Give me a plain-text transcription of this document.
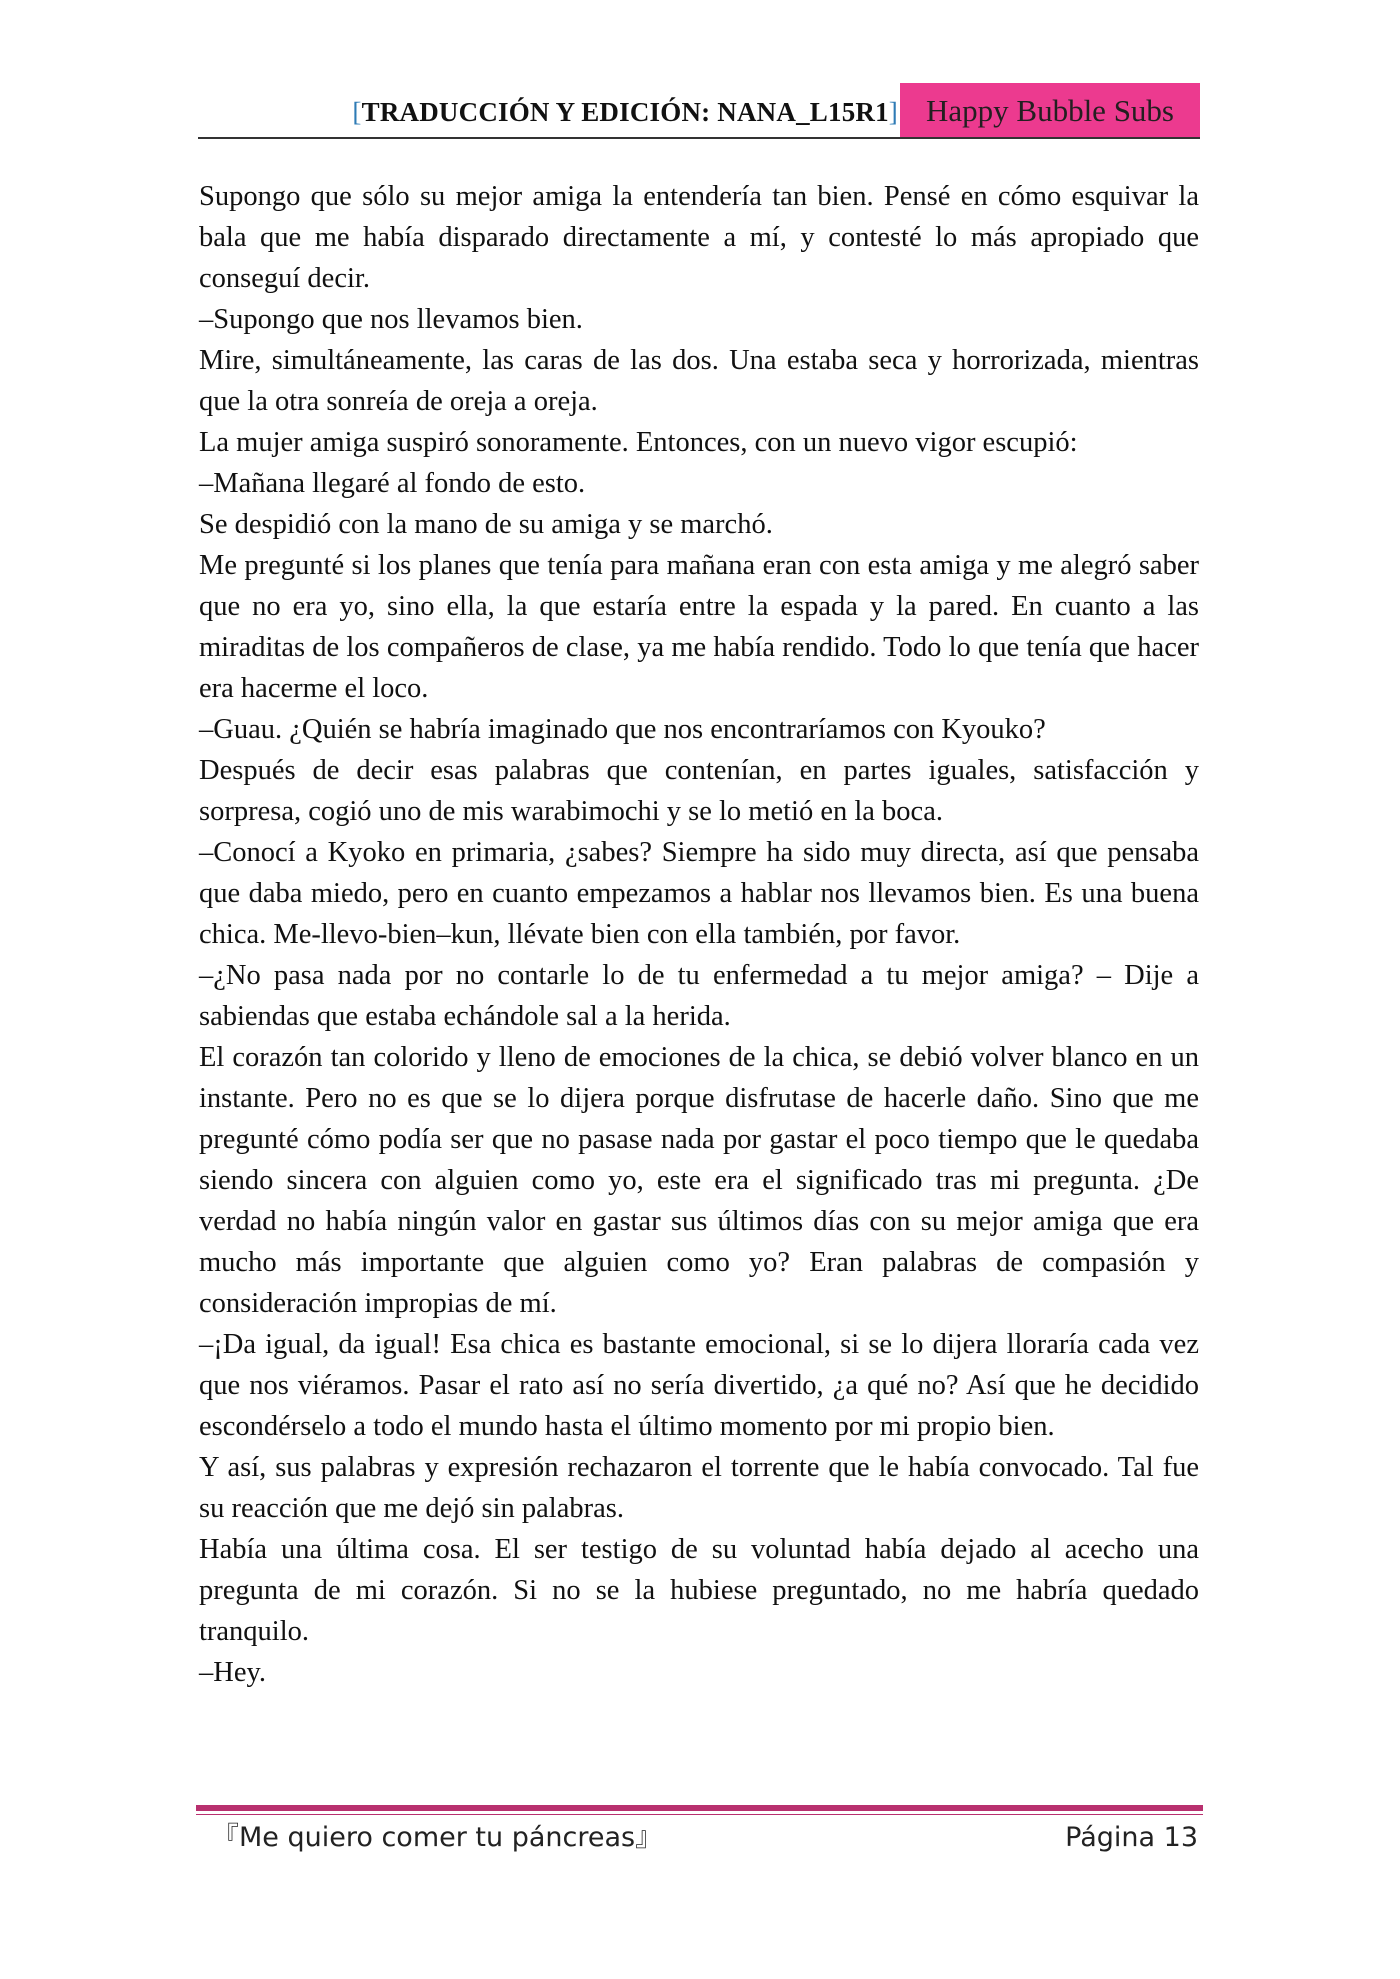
[TRADUCCIÓN Y EDICIÓN: NANA_L15R1] Happy Bubble Subs

Supongo que sólo su mejor amiga la entendería tan bien. Pensé en cómo esquivar la bala que me había disparado directamente a mí, y contesté lo más apropiado que conseguí decir.

–Supongo que nos llevamos bien.

Mire, simultáneamente, las caras de las dos. Una estaba seca y horrorizada, mientras que la otra sonreía de oreja a oreja.

La mujer amiga suspiró sonoramente. Entonces, con un nuevo vigor escupió:

–Mañana llegaré al fondo de esto.

Se despidió con la mano de su amiga y se marchó.

Me pregunté si los planes que tenía para mañana eran con esta amiga y me alegró saber que no era yo, sino ella, la que estaría entre la espada y la pared. En cuanto a las miraditas de los compañeros de clase, ya me había rendido. Todo lo que tenía que hacer era hacerme el loco.

–Guau. ¿Quién se habría imaginado que nos encontraríamos con Kyouko?

Después de decir esas palabras que contenían, en partes iguales, satisfacción y sorpresa, cogió uno de mis warabimochi y se lo metió en la boca.

–Conocí a Kyoko en primaria, ¿sabes? Siempre ha sido muy directa, así que pensaba que daba miedo, pero en cuanto empezamos a hablar nos llevamos bien. Es una buena chica. Me-llevo-bien–kun, llévate bien con ella también, por favor.

–¿No pasa nada por no contarle lo de tu enfermedad a tu mejor amiga? – Dije a sabiendas que estaba echándole sal a la herida.

El corazón tan colorido y lleno de emociones de la chica, se debió volver blanco en un instante. Pero no es que se lo dijera porque disfrutase de hacerle daño. Sino que me pregunté cómo podía ser que no pasase nada por gastar el poco tiempo que le quedaba siendo sincera con alguien como yo, este era el significado tras mi pregunta. ¿De verdad no había ningún valor en gastar sus últimos días con su mejor amiga que era mucho más importante que alguien como yo? Eran palabras de compasión y consideración impropias de mí.

–¡Da igual, da igual! Esa chica es bastante emocional, si se lo dijera lloraría cada vez que nos viéramos. Pasar el rato así no sería divertido, ¿a qué no? Así que he decidido escondérselo a todo el mundo hasta el último momento por mi propio bien.

Y así, sus palabras y expresión rechazaron el torrente que le había convocado. Tal fue su reacción que me dejó sin palabras.

Había una última cosa. El ser testigo de su voluntad había dejado al acecho una pregunta de mi corazón. Si no se la hubiese preguntado, no me habría quedado tranquilo.

–Hey.

『Me quiero comer tu páncreas』	Página 13
